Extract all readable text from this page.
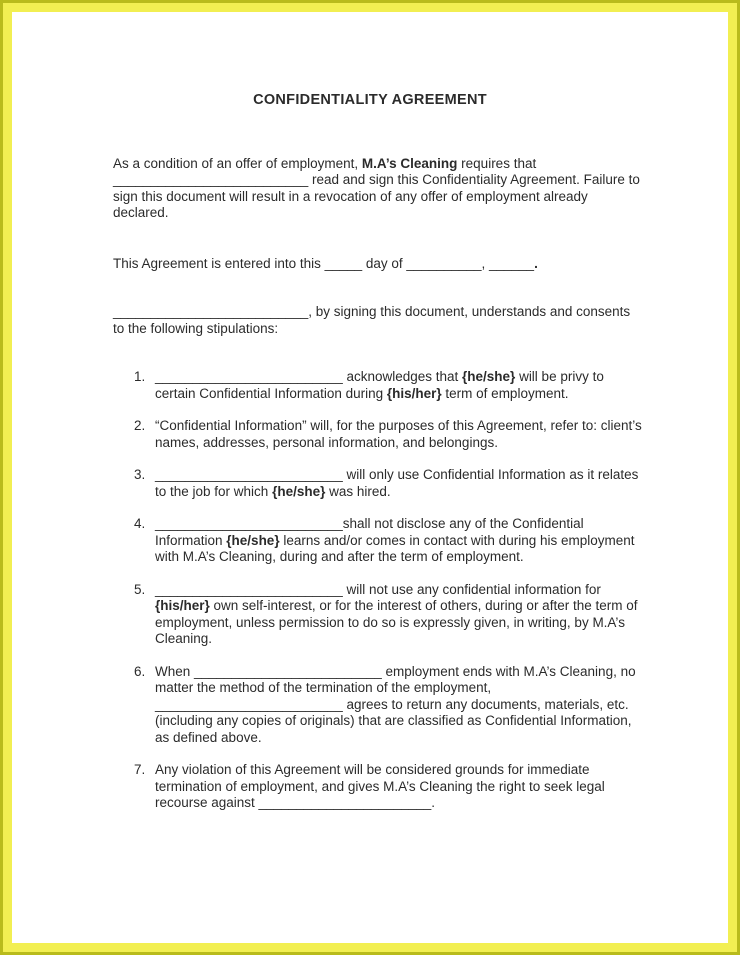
CONFIDENTIALITY AGREEMENT

As a condition of an offer of employment, M.A’s Cleaning requires that __________________________ read and sign this Confidentiality Agreement. Failure to sign this document will result in a revocation of any offer of employment already declared.

This Agreement is entered into this _____ day of __________, ______.

__________________________, by signing this document, understands and consents to the following stipulations:

_________________________ acknowledges that {he/she} will be privy to certain Confidential Information during {his/her} term of employment.
“Confidential Information” will, for the purposes of this Agreement, refer to: client’s names, addresses, personal information, and belongings.
_________________________ will only use Confidential Information as it relates to the job for which {he/she} was hired.
_________________________shall not disclose any of the Confidential Information {he/she} learns and/or comes in contact with during his employment with M.A’s Cleaning, during and after the term of employment.
_________________________ will not use any confidential information for {his/her} own self-interest, or for the interest of others, during or after the term of employment, unless permission to do so is expressly given, in writing, by M.A’s Cleaning.
When _________________________ employment ends with M.A’s Cleaning, no matter the method of the termination of the employment, _________________________ agrees to return any documents, materials, etc. (including any copies of originals) that are classified as Confidential Information, as defined above.
Any violation of this Agreement will be considered grounds for immediate termination of employment, and gives M.A’s Cleaning the right to seek legal recourse against _______________________.
